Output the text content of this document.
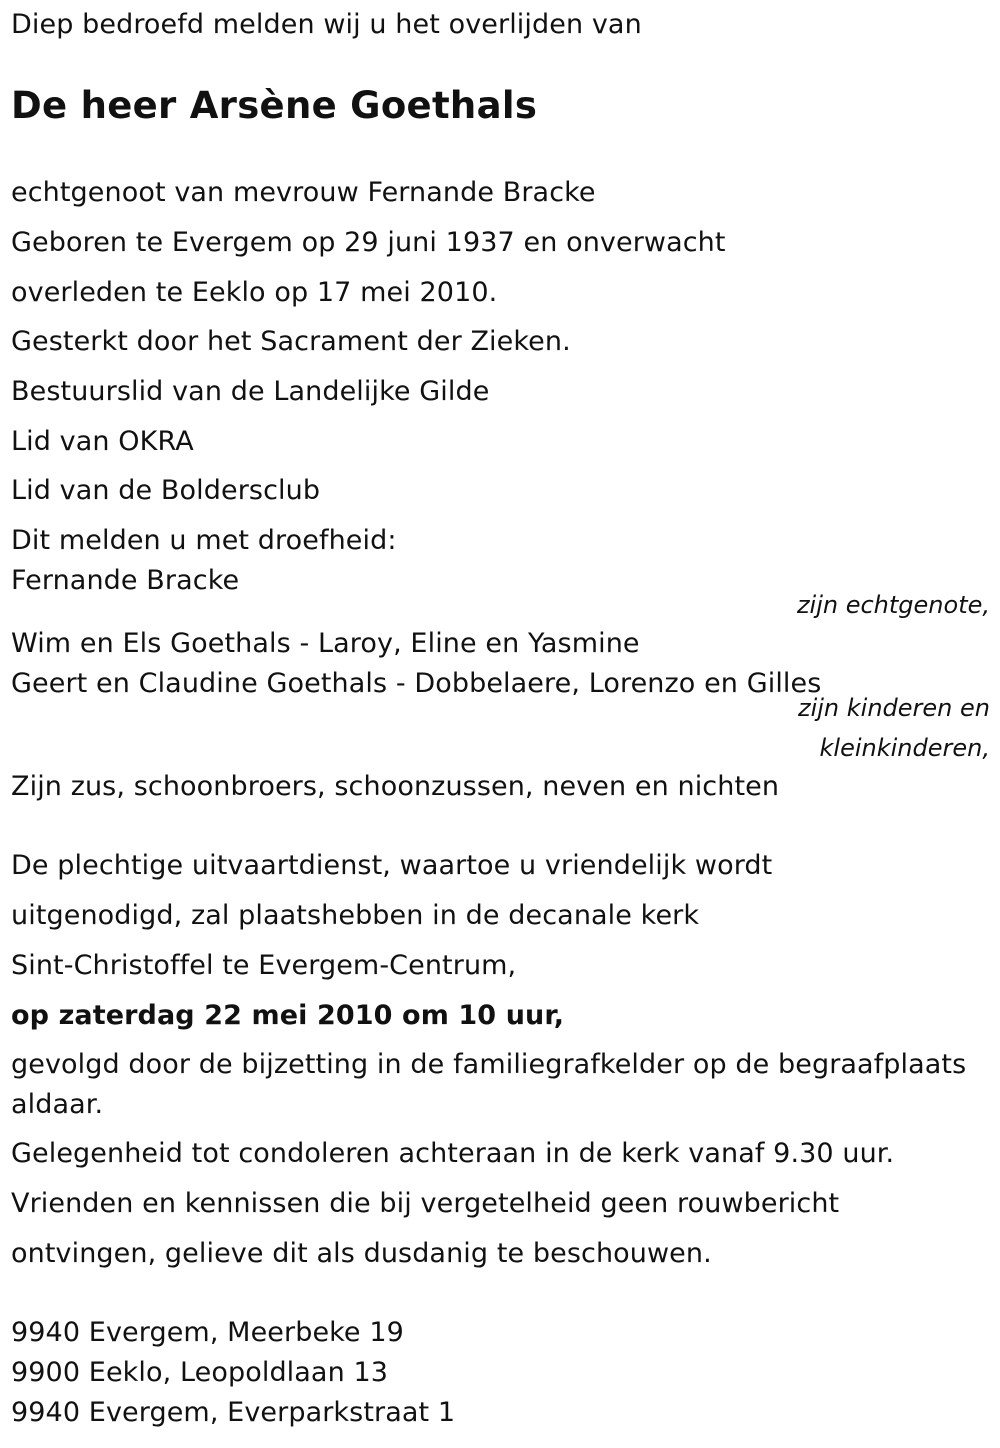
Diep bedroefd melden wij u het overlijden van
De heer Arsène Goethals
echtgenoot van mevrouw Fernande Bracke
Geboren te Evergem op 29 juni 1937 en onverwacht
overleden te Eeklo op 17 mei 2010.
Gesterkt door het Sacrament der Zieken.
Bestuurslid van de Landelijke Gilde
Lid van OKRA
Lid van de Boldersclub
Dit melden u met droefheid:
Fernande Bracke
zijn echtgenote,
Wim en Els Goethals - Laroy, Eline en Yasmine
Geert en Claudine Goethals - Dobbelaere, Lorenzo en Gilles
zijn kinderen en
kleinkinderen,
Zijn zus, schoonbroers, schoonzussen, neven en nichten
De plechtige uitvaartdienst, waartoe u vriendelijk wordt
uitgenodigd, zal plaatshebben in de decanale kerk
Sint-Christoffel te Evergem-Centrum,
op zaterdag 22 mei 2010 om 10 uur,
gevolgd door de bijzetting in de familiegrafkelder op de begraafplaats
aldaar.
Gelegenheid tot condoleren achteraan in de kerk vanaf 9.30 uur.
Vrienden en kennissen die bij vergetelheid geen rouwbericht
ontvingen, gelieve dit als dusdanig te beschouwen.
9940 Evergem, Meerbeke 19
9900 Eeklo, Leopoldlaan 13
9940 Evergem, Everparkstraat 1
